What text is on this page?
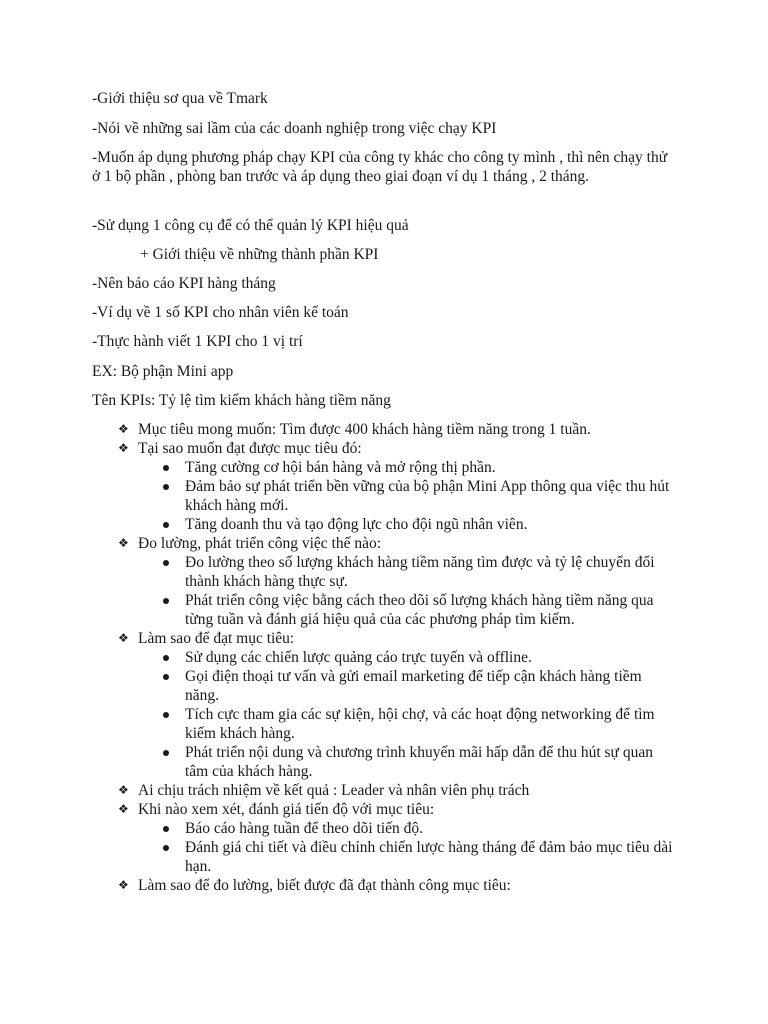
-Giới thiệu sơ qua về Tmark

-Nói về những sai lầm của các doanh nghiệp trong việc chạy KPI

-Muốn áp dụng phương pháp chạy KPI của công ty khác cho công ty mình , thì nên chạy thử ở 1 bộ phần , phòng ban trước và áp dụng theo giai đoạn ví dụ 1 tháng , 2 tháng.

-Sử dụng 1 công cụ để có thể quản lý KPI hiệu quả

+ Giới thiệu về những thành phần KPI

-Nên báo cáo KPI hàng tháng

-Ví dụ về 1 số KPI cho nhân viên kế toán

-Thực hành viết 1 KPI cho 1 vị trí

EX: Bộ phận Mini app

Tên KPIs: Tỷ lệ tìm kiếm khách hàng tiềm năng

❖ Mục tiêu mong muốn: Tìm được 400 khách hàng tiềm năng trong 1 tuần.
❖ Tại sao muốn đạt được mục tiêu đó:
Tăng cường cơ hội bán hàng và mở rộng thị phần.
Đảm bảo sự phát triển bền vững của bộ phận Mini App thông qua việc thu hút khách hàng mới.
Tăng doanh thu và tạo động lực cho đội ngũ nhân viên.
❖ Đo lường, phát triển công việc thế nào:
Đo lường theo số lượng khách hàng tiềm năng tìm được và tỷ lệ chuyển đổi thành khách hàng thực sự.
Phát triển công việc bằng cách theo dõi số lượng khách hàng tiềm năng qua từng tuần và đánh giá hiệu quả của các phương pháp tìm kiếm.
❖ Làm sao để đạt mục tiêu:
Sử dụng các chiến lược quảng cáo trực tuyến và offline.
Gọi điện thoại tư vấn và gửi email marketing để tiếp cận khách hàng tiềm năng.
Tích cực tham gia các sự kiện, hội chợ, và các hoạt động networking để tìm kiếm khách hàng.
Phát triển nội dung và chương trình khuyến mãi hấp dẫn để thu hút sự quan tâm của khách hàng.
❖ Ai chịu trách nhiệm về kết quả : Leader và nhân viên phụ trách
❖ Khi nào xem xét, đánh giá tiến độ với mục tiêu:
Báo cáo hàng tuần để theo dõi tiến độ.
Đánh giá chi tiết và điều chỉnh chiến lược hàng tháng để đảm bảo mục tiêu dài hạn.
❖ Làm sao để đo lường, biết được đã đạt thành công mục tiêu:
